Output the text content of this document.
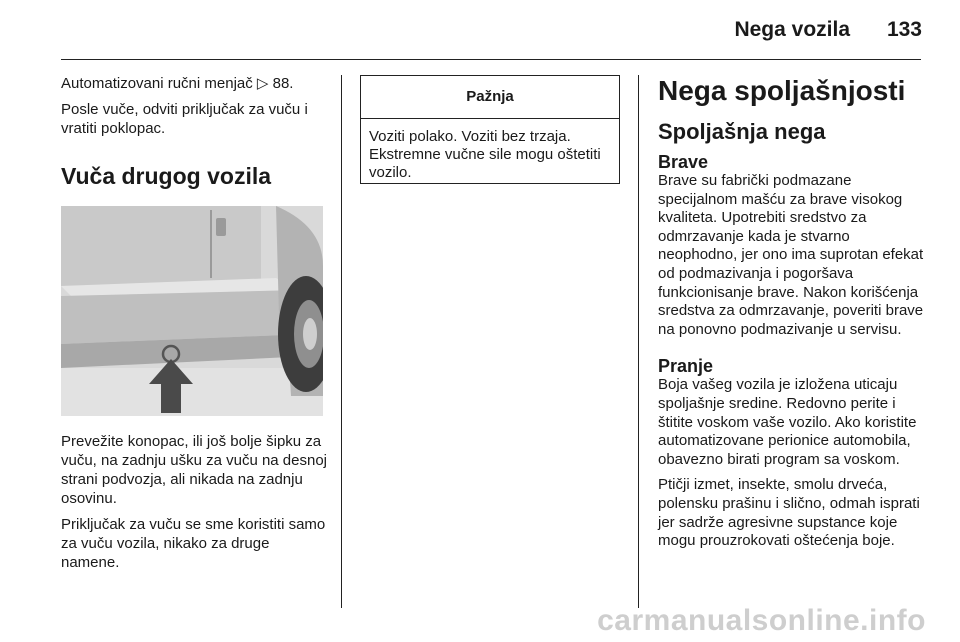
Nega vozila 133

Automatizovani ručni menjač ▷ 88.

Posle vuče, odviti priključak za vuču i vratiti poklopac.

Vuča drugog vozila

Prevežite konopac, ili još bolje šipku za vuču, na zadnju ušku za vuču na desnoj strani podvozja, ali nikada na zadnju osovinu.

Priključak za vuču se sme koristiti samo za vuču vozila, nikako za druge namene.

Pažnja
Voziti polako. Voziti bez trzaja. Ekstremne vučne sile mogu oštetiti vozilo.
Nega spoljašnjosti
Spoljašnja nega
Brave

Brave su fabrički podmazane specijalnom mašću za brave visokog kvaliteta. Upotrebiti sredstvo za odmrzavanje kada je stvarno neophodno, jer ono ima suprotan efekat od podmazivanja i pogoršava funkcionisanje brave. Nakon korišćenja sredstva za odmrzavanje, poveriti brave na ponovno podmazivanje u servisu.

Pranje

Boja vašeg vozila je izložena uticaju spoljašnje sredine. Redovno perite i štitite voskom vaše vozilo. Ako koristite automatizovane perionice automobila, obavezno birati program sa voskom.

Ptičji izmet, insekte, smolu drveća, polensku prašinu i slično, odmah isprati jer sadrže agresivne supstance koje mogu prouzrokovati oštećenja boje.

carmanualsonline.info
